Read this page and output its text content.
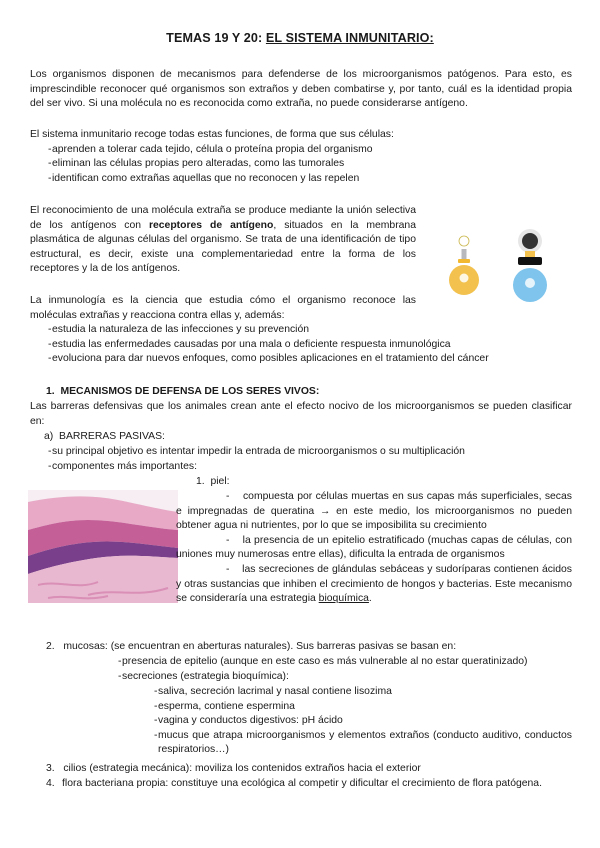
TEMAS 19 Y 20: EL SISTEMA INMUNITARIO:

Los organismos disponen de mecanismos para defenderse de los microorganismos patógenos. Para esto, es imprescindible reconocer qué organismos son extraños y deben combatirse y, por tanto, cuál es la identidad propia del ser vivo. Si una molécula no es reconocida como extraña, no puede considerarse antígeno.

El sistema inmunitario recoge todas estas funciones, de forma que sus células:

- aprenden a tolerar cada tejido, célula o proteína propia del organismo
- eliminan las células propias pero alteradas, como las tumorales
- identifican como extrañas aquellas que no reconocen y las repelen

El reconocimiento de una molécula extraña se produce mediante la unión selectiva de los antígenos con receptores de antígeno, situados en la membrana plasmática de algunas células del organismo. Se trata de una identificación de tipo estructural, es decir, existe una complementariedad entre la forma de los receptores y la de los antígenos.

La inmunología es la ciencia que estudia cómo el organismo reconoce las moléculas extrañas y reacciona contra ellas y, además:

- estudia la naturaleza de las infecciones y su prevención
- estudia las enfermedades causadas por una mala o deficiente respuesta inmunológica
- evoluciona para dar nuevos enfoques, como posibles aplicaciones en el tratamiento del cáncer
1. MECANISMOS DE DEFENSA DE LOS SERES VIVOS:

Las barreras defensivas que los animales crean ante el efecto nocivo de los microorganismos se pueden clasificar en:

a) BARRERAS PASIVAS:
- su principal objetivo es intentar impedir la entrada de microorganismos o su multiplicación
- componentes más importantes:
1. piel:

- compuesta por células muertas en sus capas más superficiales, secas e impregnadas de queratina → en este medio, los microorganismos no pueden obtener agua ni nutrientes, por lo que se imposibilita su crecimiento

- la presencia de un epitelio estratificado (muchas capas de células, con uniones muy numerosas entre ellas), dificulta la entrada de organismos

- las secreciones de glándulas sebáceas y sudoríparas contienen ácidos y otras sustancias que inhiben el crecimiento de hongos y bacterias. Este mecanismo se consideraría una estrategia bioquímica.

2. mucosas: (se encuentran en aberturas naturales). Sus barreras pasivas se basan en:
- presencia de epitelio (aunque en este caso es más vulnerable al no estar queratinizado)
- secreciones (estrategia bioquímica):
- saliva, secreción lacrimal y nasal contiene lisozima
- esperma, contiene espermina
- vagina y conductos digestivos: pH ácido
- mucus que atrapa microorganismos y elementos extraños (conducto auditivo, conductos respiratorios…)
3. cilios (estrategia mecánica): moviliza los contenidos extraños hacia el exterior
4. flora bacteriana propia: constituye una ecológica al competir y dificultar el crecimiento de flora patógena.
